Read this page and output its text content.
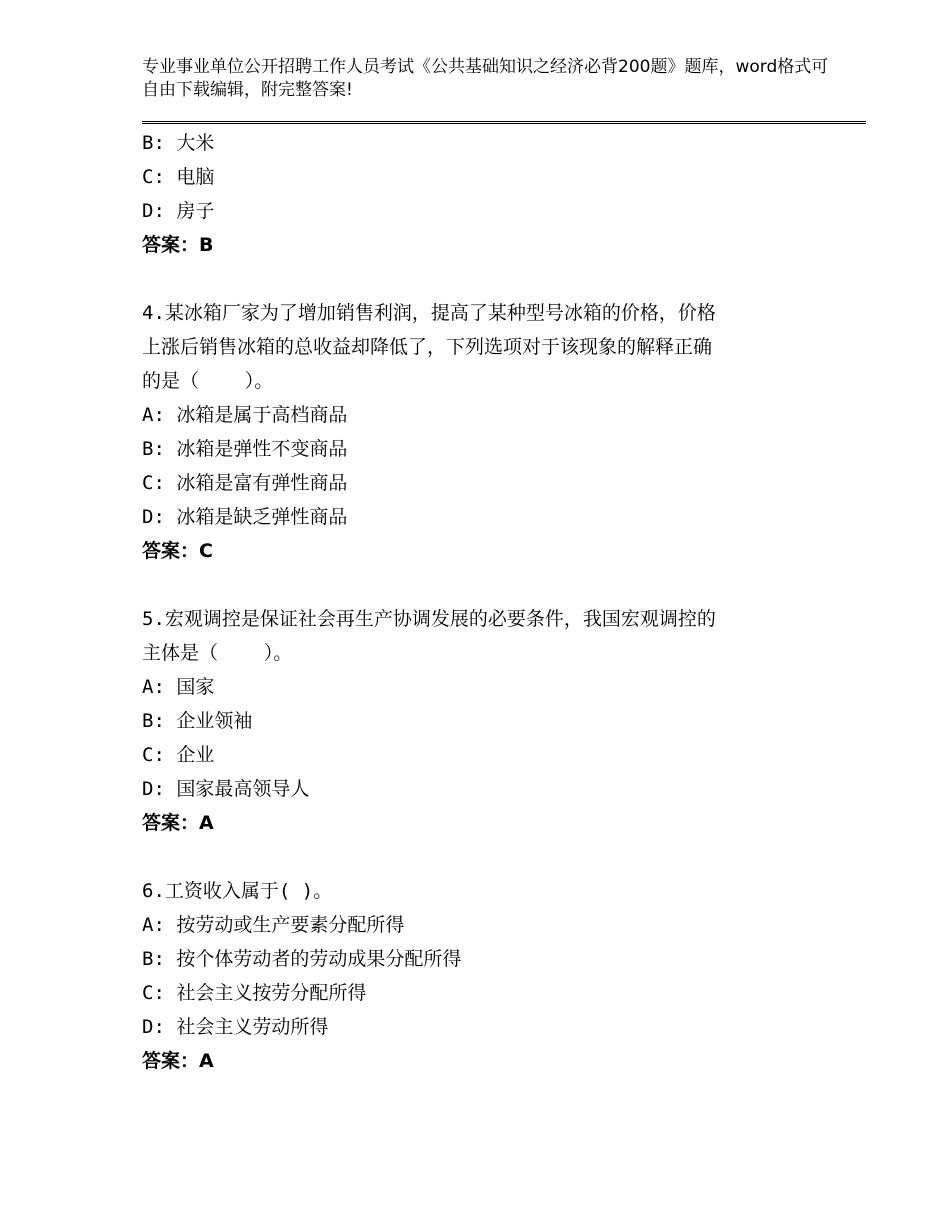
专业事业单位公开招聘工作人员考试《公共基础知识之经济必背200题》题库，word格式可自由下载编辑，附完整答案!
B: 大米
C: 电脑
D: 房子
答案：B
4.某冰箱厂家为了增加销售利润，提高了某种型号冰箱的价格，价格
上涨后销售冰箱的总收益却降低了，下列选项对于该现象的解释正确
的是（    ）。
A: 冰箱是属于高档商品
B: 冰箱是弹性不变商品
C: 冰箱是富有弹性商品
D: 冰箱是缺乏弹性商品
答案：C
5.宏观调控是保证社会再生产协调发展的必要条件，我国宏观调控的
主体是（    ）。
A: 国家
B: 企业领袖
C: 企业
D: 国家最高领导人
答案：A
6.工资收入属于( )。
A: 按劳动或生产要素分配所得
B: 按个体劳动者的劳动成果分配所得
C: 社会主义按劳分配所得
D: 社会主义劳动所得
答案：A
